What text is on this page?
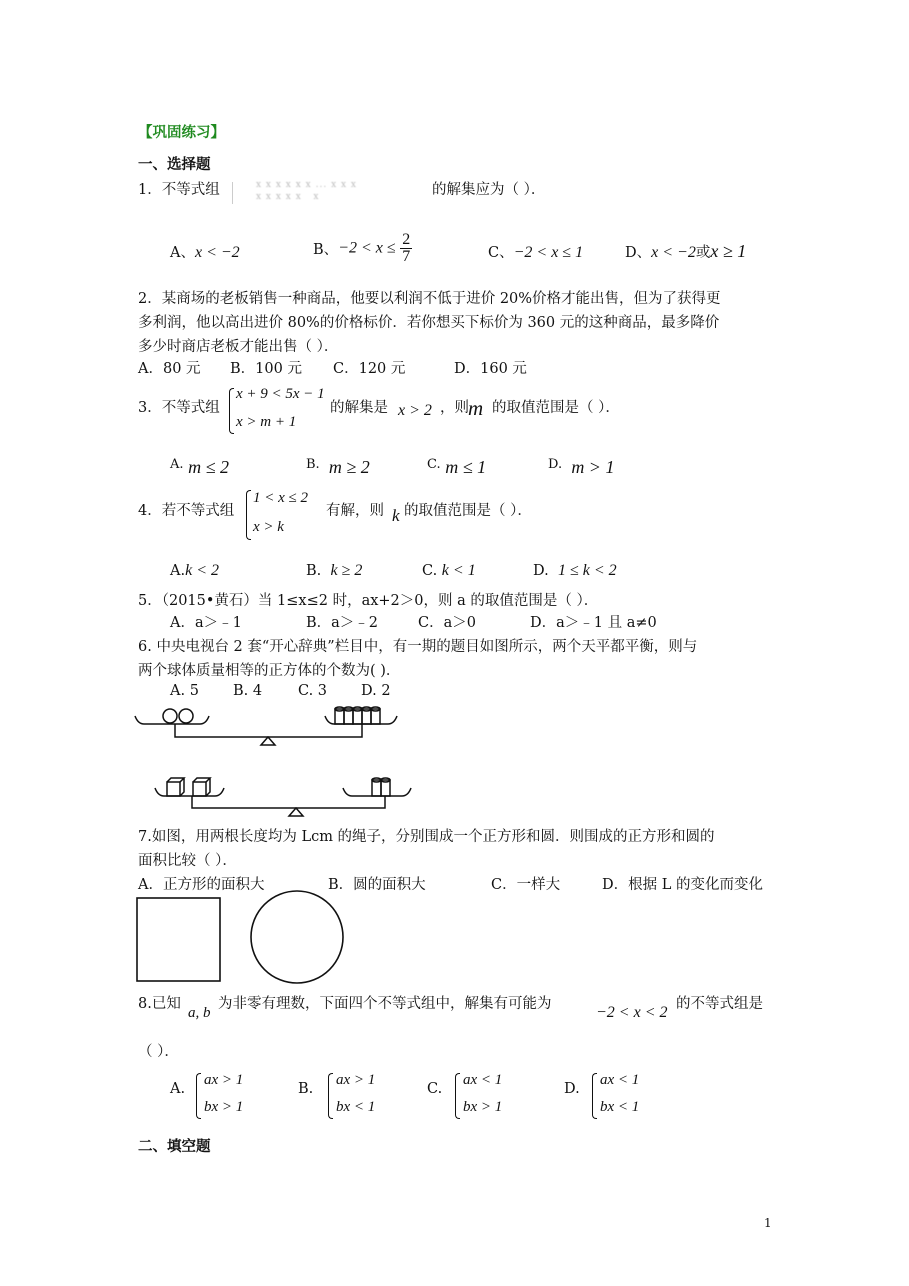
【巩固练习】
一、选择题
1．不等式组	x x x x x x ... x x x
x x x x x   x	的解集应为（ ）．
A、x < −2	B、$-2 < x \le \frac{2}{7}$	C、−2 < x ≤ 1	D、x < −2或x ≥ 1
2．某商场的老板销售一种商品，他要以利润不低于进价 20%价格才能出售，但为了获得更
多利润，他以高出进价 80%的价格标价．若你想买下标价为 360 元的这种商品，最多降价
多少时商店老板才能出售（ ）．
A．80 元 B．100 元 C．120 元	D．160 元
3．不等式组
x + 9 < 5x − 1
x > m + 1
的解集是 x > 2 ，则 m 的取值范围是（ ）．
A. m ≤ 2	B. m ≥ 2	C. m ≤ 1	D. m > 1
4．若不等式组
1 < x ≤ 2
x > k
有解，则 k 的取值范围是（ ）．
A.k < 2	B. k ≥ 2	C. k < 1	D. 1 ≤ k < 2
5．（2015•黄石）当 1≤x≤2 时，ax+2＞0，则 a 的取值范围是（ ）．
A．a＞﹣1	B．a＞﹣2	C．a＞0	D．a＞﹣1 且 a≠0
6. 中央电视台 2 套“开心辞典”栏目中，有一期的题目如图所示，两个天平都平衡，则与
两个球体质量相等的正方体的个数为( )．
A. 5 B. 4 C. 3 D. 2
7.如图，用两根长度均为 Lcm 的绳子，分别围成一个正方形和圆．则围成的正方形和圆的
面积比较（ ）．
A．正方形的面积大	B．圆的面积大	C．一样大	D．根据 L 的变化而变化
8.已知
a, b
为非零有理数，下面四个不等式组中，解集有可能为	−2 < x < 2 的不等式组是
（ ）．
A.
ax > 1
bx > 1
B.
ax > 1
bx < 1
C.
ax < 1
bx > 1
D.
ax < 1
bx < 1
二、填空题
1
